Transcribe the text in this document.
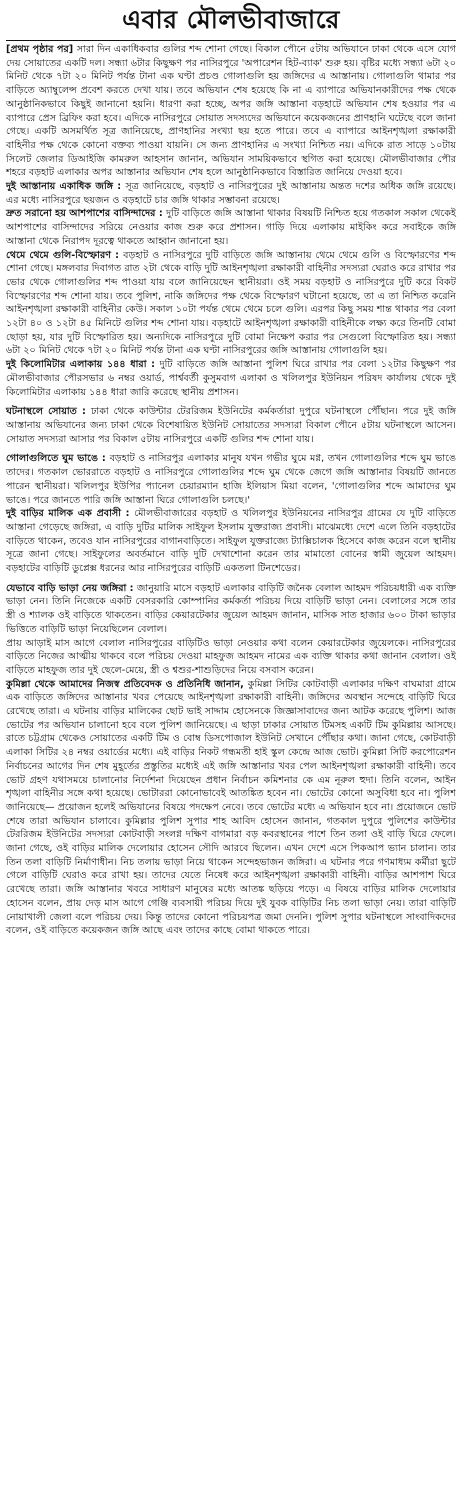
এবার মৌলভীবাজারে

[প্রথম পৃষ্ঠার পর] সারা দিন একাধিকবার গুলির শব্দ শোনা গেছে। বিকাল পৌনে ৫টায় অভিযানে ঢাকা থেকে এসে যোগ দেয় সোয়াতের একটি দল। সন্ধ্যা ৬টার কিছুক্ষণ পর নাসিরপুরে 'অপারেশন হিট-ব্যাক' শুরু হয়। বৃষ্টির মধ্যে সন্ধ্যা ৬টা ২০ মিনিট থেকে ৭টা ২০ মিনিট পর্যন্ত টানা এক ঘণ্টা প্রচণ্ড গোলাগুলি হয় জঙ্গিদের এ আস্তানায়। গোলাগুলি থামার পর বাড়িতে অ্যাম্বুলেন্স প্রবেশ করতে দেখা যায়। তবে অভিযান শেষ হয়েছে কি না এ ব্যাপারে অভিযানকারীদের পক্ষ থেকে আনুষ্ঠানিকভাবে কিছুই জানানো হয়নি। ধারণা করা হচ্ছে, অপর জঙ্গি আস্তানা বড়হাটে অভিযান শেষ হওয়ার পর এ ব্যাপারে প্রেস ব্রিফিং করা হবে। এদিকে নাসিরপুরে সোয়াত সদস্যদের অভিযানে কয়েকজনের প্রাণহানি ঘটেছে বলে জানা গেছে। একটি অসমর্থিত সূত্র জানিয়েছে, প্রাণহানির সংখ্যা ছয় হতে পারে। তবে এ ব্যাপারে আইনশৃঙ্খলা রক্ষাকারী বাহিনীর পক্ষ থেকে কোনো বক্তব্য পাওয়া যায়নি। সে জন্য প্রাণহানির এ সংখ্যা নিশ্চিত নয়। এদিকে রাত সাড়ে ১০টায় সিলেট জেলার ডিআইজি কামরুল আহসান জানান, অভিযান সাময়িকভাবে স্থগিত করা হয়েছে। মৌলভীবাজার পৌর শহরে বড়হাট এলাকার অপর আস্তানার অভিযান শেষ হলে আনুষ্ঠানিকভাবে বিস্তারিত জানিয়ে দেওয়া হবে।

দুই আস্তানায় একাধিক জঙ্গি : সূত্র জানিয়েছে, বড়হাট ও নাসিরপুরের দুই আস্তানায় অন্তত দশের অধিক জঙ্গি রয়েছে। এর মধ্যে নাসিরপুরে ছয়জন ও বড়হাটে চার জঙ্গি থাকার সম্ভাবনা রয়েছে।

দ্রুত সরানো হয় আশপাশের বাসিন্দাদের : দুটি বাড়িতে জঙ্গি আস্তানা থাকার বিষয়টি নিশ্চিত হয়ে গতকাল সকাল থেকেই আশপাশের বাসিন্দাদের সরিয়ে নেওয়ার কাজ শুরু করে প্রশাসন। গাড়ি দিয়ে এলাকায় মাইকিং করে সবাইকে জঙ্গি আস্তানা থেকে নিরাপদ দূরত্বে থাকতে আহ্বান জানানো হয়।

থেমে থেমে গুলি-বিস্ফোরণ : বড়হাট ও নাসিরপুরে দুটি বাড়িতে জঙ্গি আস্তানায় থেমে থেমে গুলি ও বিস্ফোরণের শব্দ শোনা গেছে। মঙ্গলবার দিবাগত রাত ২টা থেকে বাড়ি দুটি আইনশৃঙ্খলা রক্ষাকারী বাহিনীর সদস্যরা ঘেরাও করে রাখার পর ভোর থেকে গোলাগুলির শব্দ পাওয়া যায় বলে জানিয়েছেন স্থানীয়রা। ওই সময় বড়হাট ও নাসিরপুরে দুটি করে বিকট বিস্ফোরণের শব্দ শোনা যায়। তবে পুলিশ, নাকি জঙ্গিদের পক্ষ থেকে বিস্ফোরণ ঘটানো হয়েছে, তা এ তা নিশ্চিত করেনি আইনশৃঙ্খলা রক্ষাকারী বাহিনীর কেউ। সকাল ১০টা পর্যন্ত থেমে থেমে চলে গুলি। এরপর কিছু সময় শান্ত থাকার পর বেলা ১২টা ৪০ ও ১২টা ৪৫ মিনিটে গুলির শব্দ শোনা যায়। বড়হাটে আইনশৃঙ্খলা রক্ষাকারী বাহিনীকে লক্ষ্য করে তিনটি বোমা ছোড়া হয়, যার দুটি বিস্ফোরিত হয়। অন্যদিকে নাসিরপুরে দুটি বোমা নিক্ষেপ করার পর সেগুলো বিস্ফোরিত হয়। সন্ধ্যা ৬টা ২০ মিনিট থেকে ৭টা ২০ মিনিট পর্যন্ত টানা এক ঘণ্টা নাসিরপুরের জঙ্গি আস্তানায় গোলাগুলি হয়।

দুই কিলোমিটার এলাকায় ১৪৪ ধারা : দুটি বাড়িতে জঙ্গি আস্তানা পুলিশ ঘিরে রাখার পর বেলা ১২টার কিছুক্ষণ পর মৌলভীবাজার পৌরসভার ৬ নম্বর ওয়ার্ড, পার্শ্ববর্তী কুসুমবাগ এলাকা ও খলিলপুর ইউনিয়ন পরিষদ কার্যালয় থেকে দুই কিলোমিটার এলাকায় ১৪৪ ধারা জারি করেছে স্থানীয় প্রশাসন।

ঘটনাস্থলে সোয়াত : ঢাকা থেকে কাউন্টার টেররিজম ইউনিটের কর্মকর্তারা দুপুরে ঘটনাস্থলে পৌঁছান। পরে দুই জঙ্গি আস্তানায় অভিযানের জন্য ঢাকা থেকে বিশেষায়িত ইউনিট সোয়াতের সদস্যরা বিকাল পৌনে ৫টায় ঘটনাস্থলে আসেন। সোয়াত সদস্যরা আসার পর বিকাল ৫টায় নাসিরপুরে একটি গুলির শব্দ শোনা যায়।

গোলাগুলিতে ঘুম ভাঙে : বড়হাট ও নাসিরপুর এলাকার মানুষ যখন গভীর ঘুমে মগ্ন, তখন গোলাগুলির শব্দে ঘুম ভাঙে তাদের। গতকাল ভোররাতে বড়হাট ও নাসিরপুরে গোলাগুলির শব্দে ঘুম থেকে জেগে জঙ্গি আস্তানার বিষয়টি জানতে পারেন স্থানীয়রা। খলিলপুর ইউপির প্যানেল চেয়ারম্যান হাজি ইলিয়াস মিয়া বলেন, 'গোলাগুলির শব্দে আমাদের ঘুম ভাঙে। পরে জানতে পারি জঙ্গি আস্তানা ঘিরে গোলাগুলি চলছে।'

দুই বাড়ির মালিক এক প্রবাসী : মৌলভীবাজারের বড়হাট ও খলিলপুর ইউনিয়নের নাসিরপুর গ্রামের যে দুটি বাড়িতে আস্তানা গেড়েছে জঙ্গিরা, এ বাড়ি দুটির মালিক সাইফুল ইসলাম যুক্তরাজ্য প্রবাসী। মাঝেমধ্যে দেশে এলে তিনি বড়হাটের বাড়িতে থাকেন, তবেও যান নাসিরপুরের বাগানবাড়িতে। সাইফুল যুক্তরাজ্যে ট্যাক্সিচালক হিসেবে কাজ করেন বলে স্থানীয় সূত্রে জানা গেছে। সাইফুলের অবর্তমানে বাড়ি দুটি দেখাশোনা করেন তার মামাতো বোনের স্বামী জুয়েল আহমদ। বড়হাটের বাড়িটি ডুপ্লেক্স ধরনের আর নাসিরপুরের বাড়িটি একতলা টিনশেডের।

যেভাবে বাড়ি ভাড়া নেয় জঙ্গিরা : জানুয়ারি মাসে বড়হাট এলাকার বাড়িটি জনৈক বেলাল আহমদ পরিচয়ধারী এক ব্যক্তি ভাড়া নেন। তিনি নিজেকে একটি বেসরকারি কোম্পানির কর্মকর্তা পরিচয় দিয়ে বাড়িটি ভাড়া নেন। বেলালের সঙ্গে তার স্ত্রী ও শ্যালক ওই বাড়িতে থাকতেন। বাড়ির কেয়ারটেকার জুয়েল আহমদ জানান, মাসিক সাত হাজার ৬০০ টাকা ভাড়ার ভিত্তিতে বাড়িটি ভাড়া নিয়েছিলেন বেলাল।

প্রায় আড়াই মাস আগে বেলাল নাসিরপুরের বাড়িটিও ভাড়া নেওয়ার কথা বলেন কেয়ারটেকার জুয়েলকে। নাসিরপুরের বাড়িতে নিজের আত্মীয় থাকবে বলে পরিচয় দেওয়া মাহফুজ আহমদ নামের এক ব্যক্তি থাকার কথা জানান বেলাল। ওই বাড়িতে মাহফুজ তার দুই ছেলে-মেয়ে, স্ত্রী ও শ্বশুর-শাশুড়িদের নিয়ে বসবাস করেন।

কুমিল্লা থেকে আমাদের নিজস্ব প্রতিবেদক ও প্রতিনিধি জানান, কুমিল্লা সিটির কোটবাড়ী এলাকার দক্ষিণ বাঘমারা গ্রামে এক বাড়িতে জঙ্গিদের আস্তানার খবর পেয়েছে আইনশৃঙ্খলা রক্ষাকারী বাহিনী। জঙ্গিদের অবস্থান সন্দেহে বাড়িটি ঘিরে রেখেছে তারা। এ ঘটনায় বাড়ির মালিকের ছোট ভাই সাদ্দাম হোসেনকে জিজ্ঞাসাবাদের জন্য আটক করেছে পুলিশ। আজ ভোটের পর অভিযান চালানো হবে বলে পুলিশ জানিয়েছে। এ ছাড়া ঢাকার সোয়াত টিমসহ একটি টিম কুমিল্লায় আসছে। রাতে চট্টগ্রাম থেকেও সোয়াতের একটি টিম ও বোম্ব ডিসপোজাল ইউনিট সেখানে পৌঁছার কথা। জানা গেছে, কোটবাড়ী এলাকা সিটির ২৪ নম্বর ওয়ার্ডের মধ্যে। এই বাড়ির নিকট গন্ধমতী হাই স্কুল কেন্দ্রে আজ ভোট। কুমিল্লা সিটি করপোরেশন নির্বাচনের আগের দিন শেষ মুহূর্তের প্রস্তুতির মধ্যেই এই জঙ্গি আস্তানার খবর পেল আইনশৃঙ্খলা রক্ষাকারী বাহিনী। তবে ভোট গ্রহণ যথাসময়ে চালানোর নির্দেশনা দিয়েছেন প্রধান নির্বাচন কমিশনার কে এম নূরুল হুদা। তিনি বলেন, আইন শৃঙ্খলা বাহিনীর সঙ্গে কথা হয়েছে। ভোটাররা কোনোভাবেই আতঙ্কিত হবেন না। ভোটের কোনো অসুবিধা হবে না। পুলিশ জানিয়েছে— প্রয়োজন হলেই অভিযানের বিষয়ে পদক্ষেপ নেবে। তবে ভোটের মধ্যে এ অভিযান হবে না। প্রয়োজনে ভোট শেষে তারা অভিযান চালাবে। কুমিল্লার পুলিশ সুপার শাহ আবিদ হোসেন জানান, গতকাল দুপুরে পুলিশের কাউন্টার টেররিজম ইউনিটের সদস্যরা কোটবাড়ী সংলগ্ন দক্ষিণ বাগমারা বড় কবরস্থানের পাশে তিন তলা ওই বাড়ি ঘিরে ফেলে। জানা গেছে, ওই বাড়ির মালিক দেলোয়ার হোসেন সৌদি আরবে ছিলেন। এখন দেশে এসে পিকআপ ভ্যান চালান। তার তিন তলা বাড়িটি নির্মাণাধীন। নিচ তলায় ভাড়া নিয়ে থাকেন সন্দেহভাজন জঙ্গিরা। এ ঘটনার পরে গণমাধ্যম কর্মীরা ছুটে গেলে বাড়িটি ঘেরাও করে রাখা হয়। তাদের যেতে নিষেধ করে আইনশৃঙ্খলা রক্ষাকারী বাহিনী। বাড়ির আশপাশ ঘিরে রেখেছে তারা। জঙ্গি আস্তানার খবরে সাধারণ মানুষের মধ্যে আতঙ্ক ছড়িয়ে পড়ে। এ বিষয়ে বাড়ির মালিক দেলোয়ার হোসেন বলেন, প্রায় দেড় মাস আগে গেঞ্জি ব্যবসায়ী পরিচয় দিয়ে দুই যুবক বাড়িটির নিচ তলা ভাড়া নেয়। তারা বাড়িটি নোয়াখালী জেলা বলে পরিচয় দেয়। কিন্তু তাদের কোনো পরিচয়পত্র জমা দেননি। পুলিশ সুপার ঘটনাস্থলে সাংবাদিকদের বলেন, ওই বাড়িতে কয়েকজন জঙ্গি আছে এবং তাদের কাছে বোমা থাকতে পারে।
